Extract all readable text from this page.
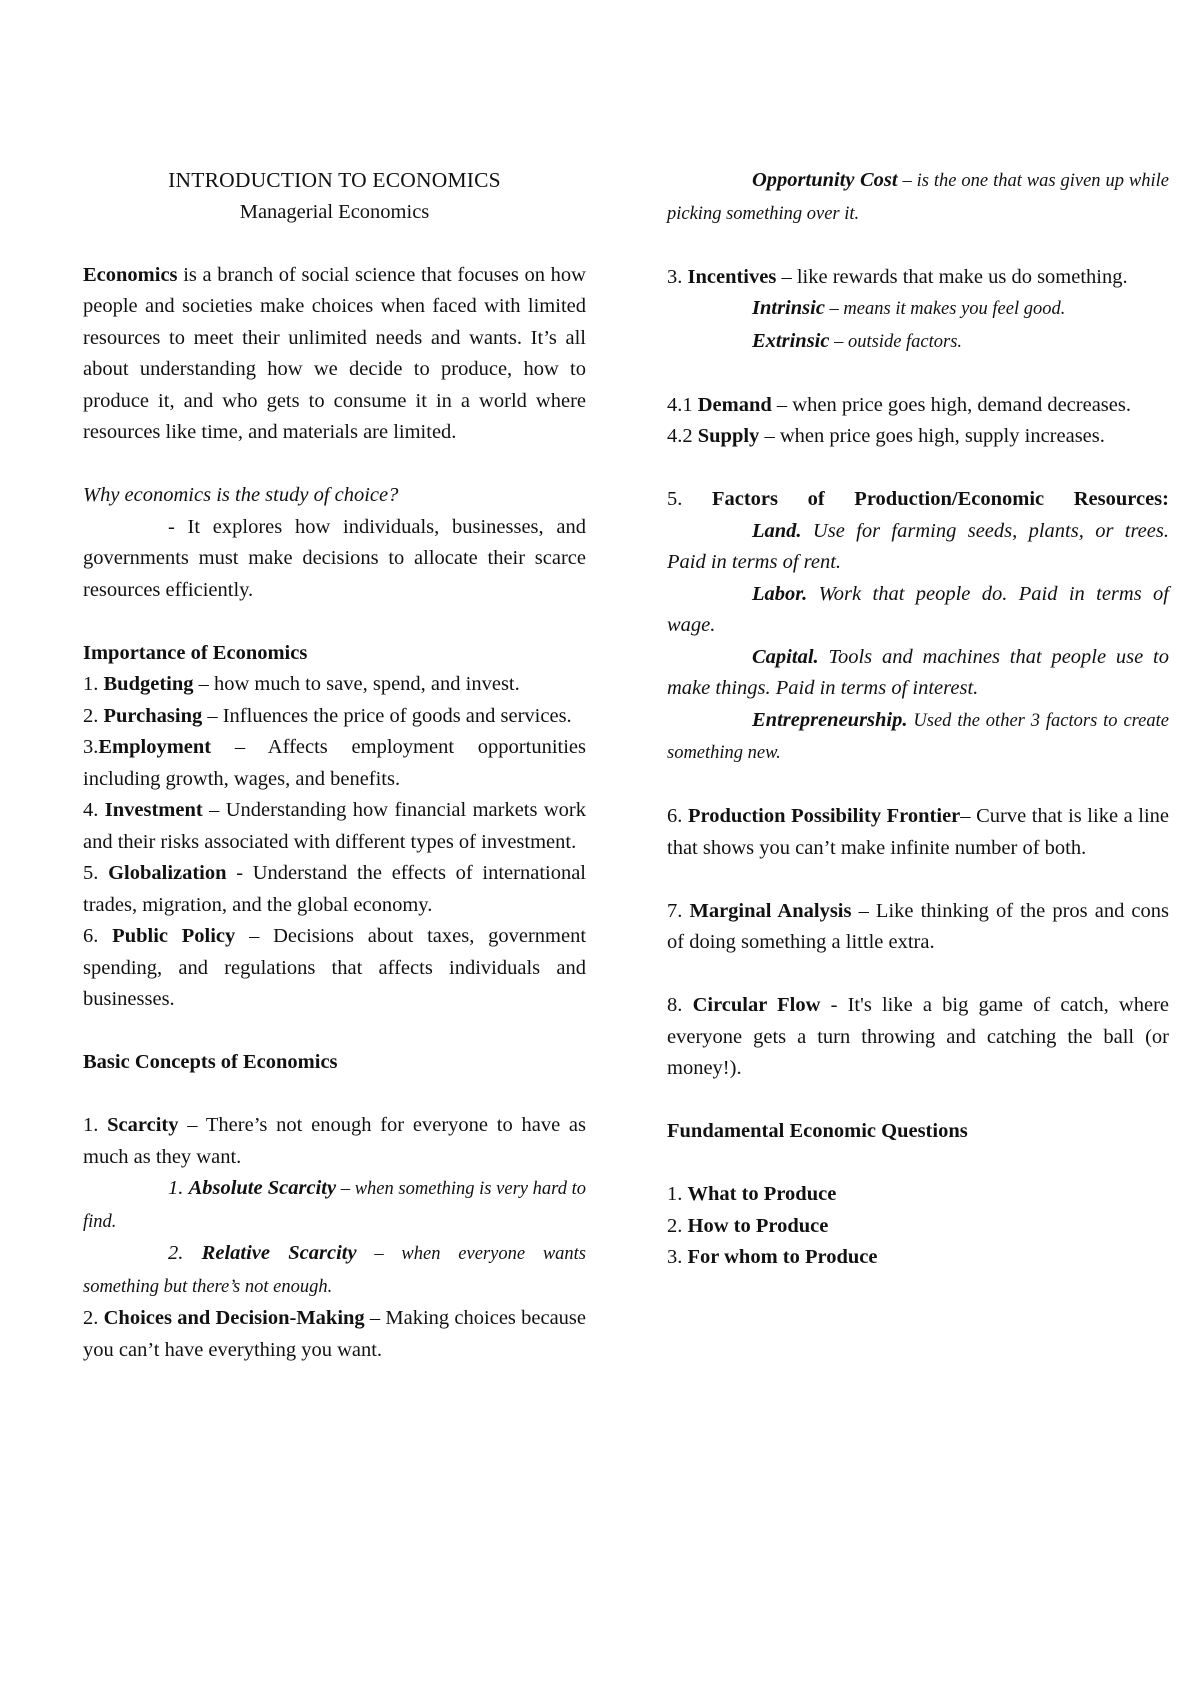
INTRODUCTION TO ECONOMICS

Managerial Economics

Economics is a branch of social science that focuses on how people and societies make choices when faced with limited resources to meet their unlimited needs and wants. It’s all about understanding how we decide to produce, how to produce it, and who gets to consume it in a world where resources like time, and materials are limited.

Why economics is the study of choice?

- It explores how individuals, businesses, and governments must make decisions to allocate their scarce resources efficiently.

Importance of Economics

1. Budgeting – how much to save, spend, and invest.

2. Purchasing – Influences the price of goods and services.

3.Employment – Affects employment opportunities including growth, wages, and benefits.

4. Investment – Understanding how financial markets work and their risks associated with different types of investment.

5. Globalization - Understand the effects of international trades, migration, and the global economy.

6. Public Policy – Decisions about taxes, government spending, and regulations that affects individuals and businesses.

Basic Concepts of Economics

1. Scarcity – There’s not enough for everyone to have as much as they want.

1. Absolute Scarcity – when something is very hard to find.

2. Relative Scarcity – when everyone wants something but there’s not enough.

2. Choices and Decision-Making – Making choices because you can’t have everything you want.

Opportunity Cost – is the one that was given up while picking something over it.

3. Incentives – like rewards that make us do something.

Intrinsic – means it makes you feel good.

Extrinsic – outside factors.

4.1 Demand – when price goes high, demand decreases.

4.2 Supply – when price goes high, supply increases.

5. Factors of Production/Economic Resources:

Land. Use for farming seeds, plants, or trees. Paid in terms of rent.

Labor. Work that people do. Paid in terms of wage.

Capital. Tools and machines that people use to make things. Paid in terms of interest.

Entrepreneurship. Used the other 3 factors to create something new.

6. Production Possibility Frontier– Curve that is like a line that shows you can’t make infinite number of both.

7. Marginal Analysis – Like thinking of the pros and cons of doing something a little extra.

8. Circular Flow - It's like a big game of catch, where everyone gets a turn throwing and catching the ball (or money!).

Fundamental Economic Questions

1. What to Produce

2. How to Produce

3. For whom to Produce
